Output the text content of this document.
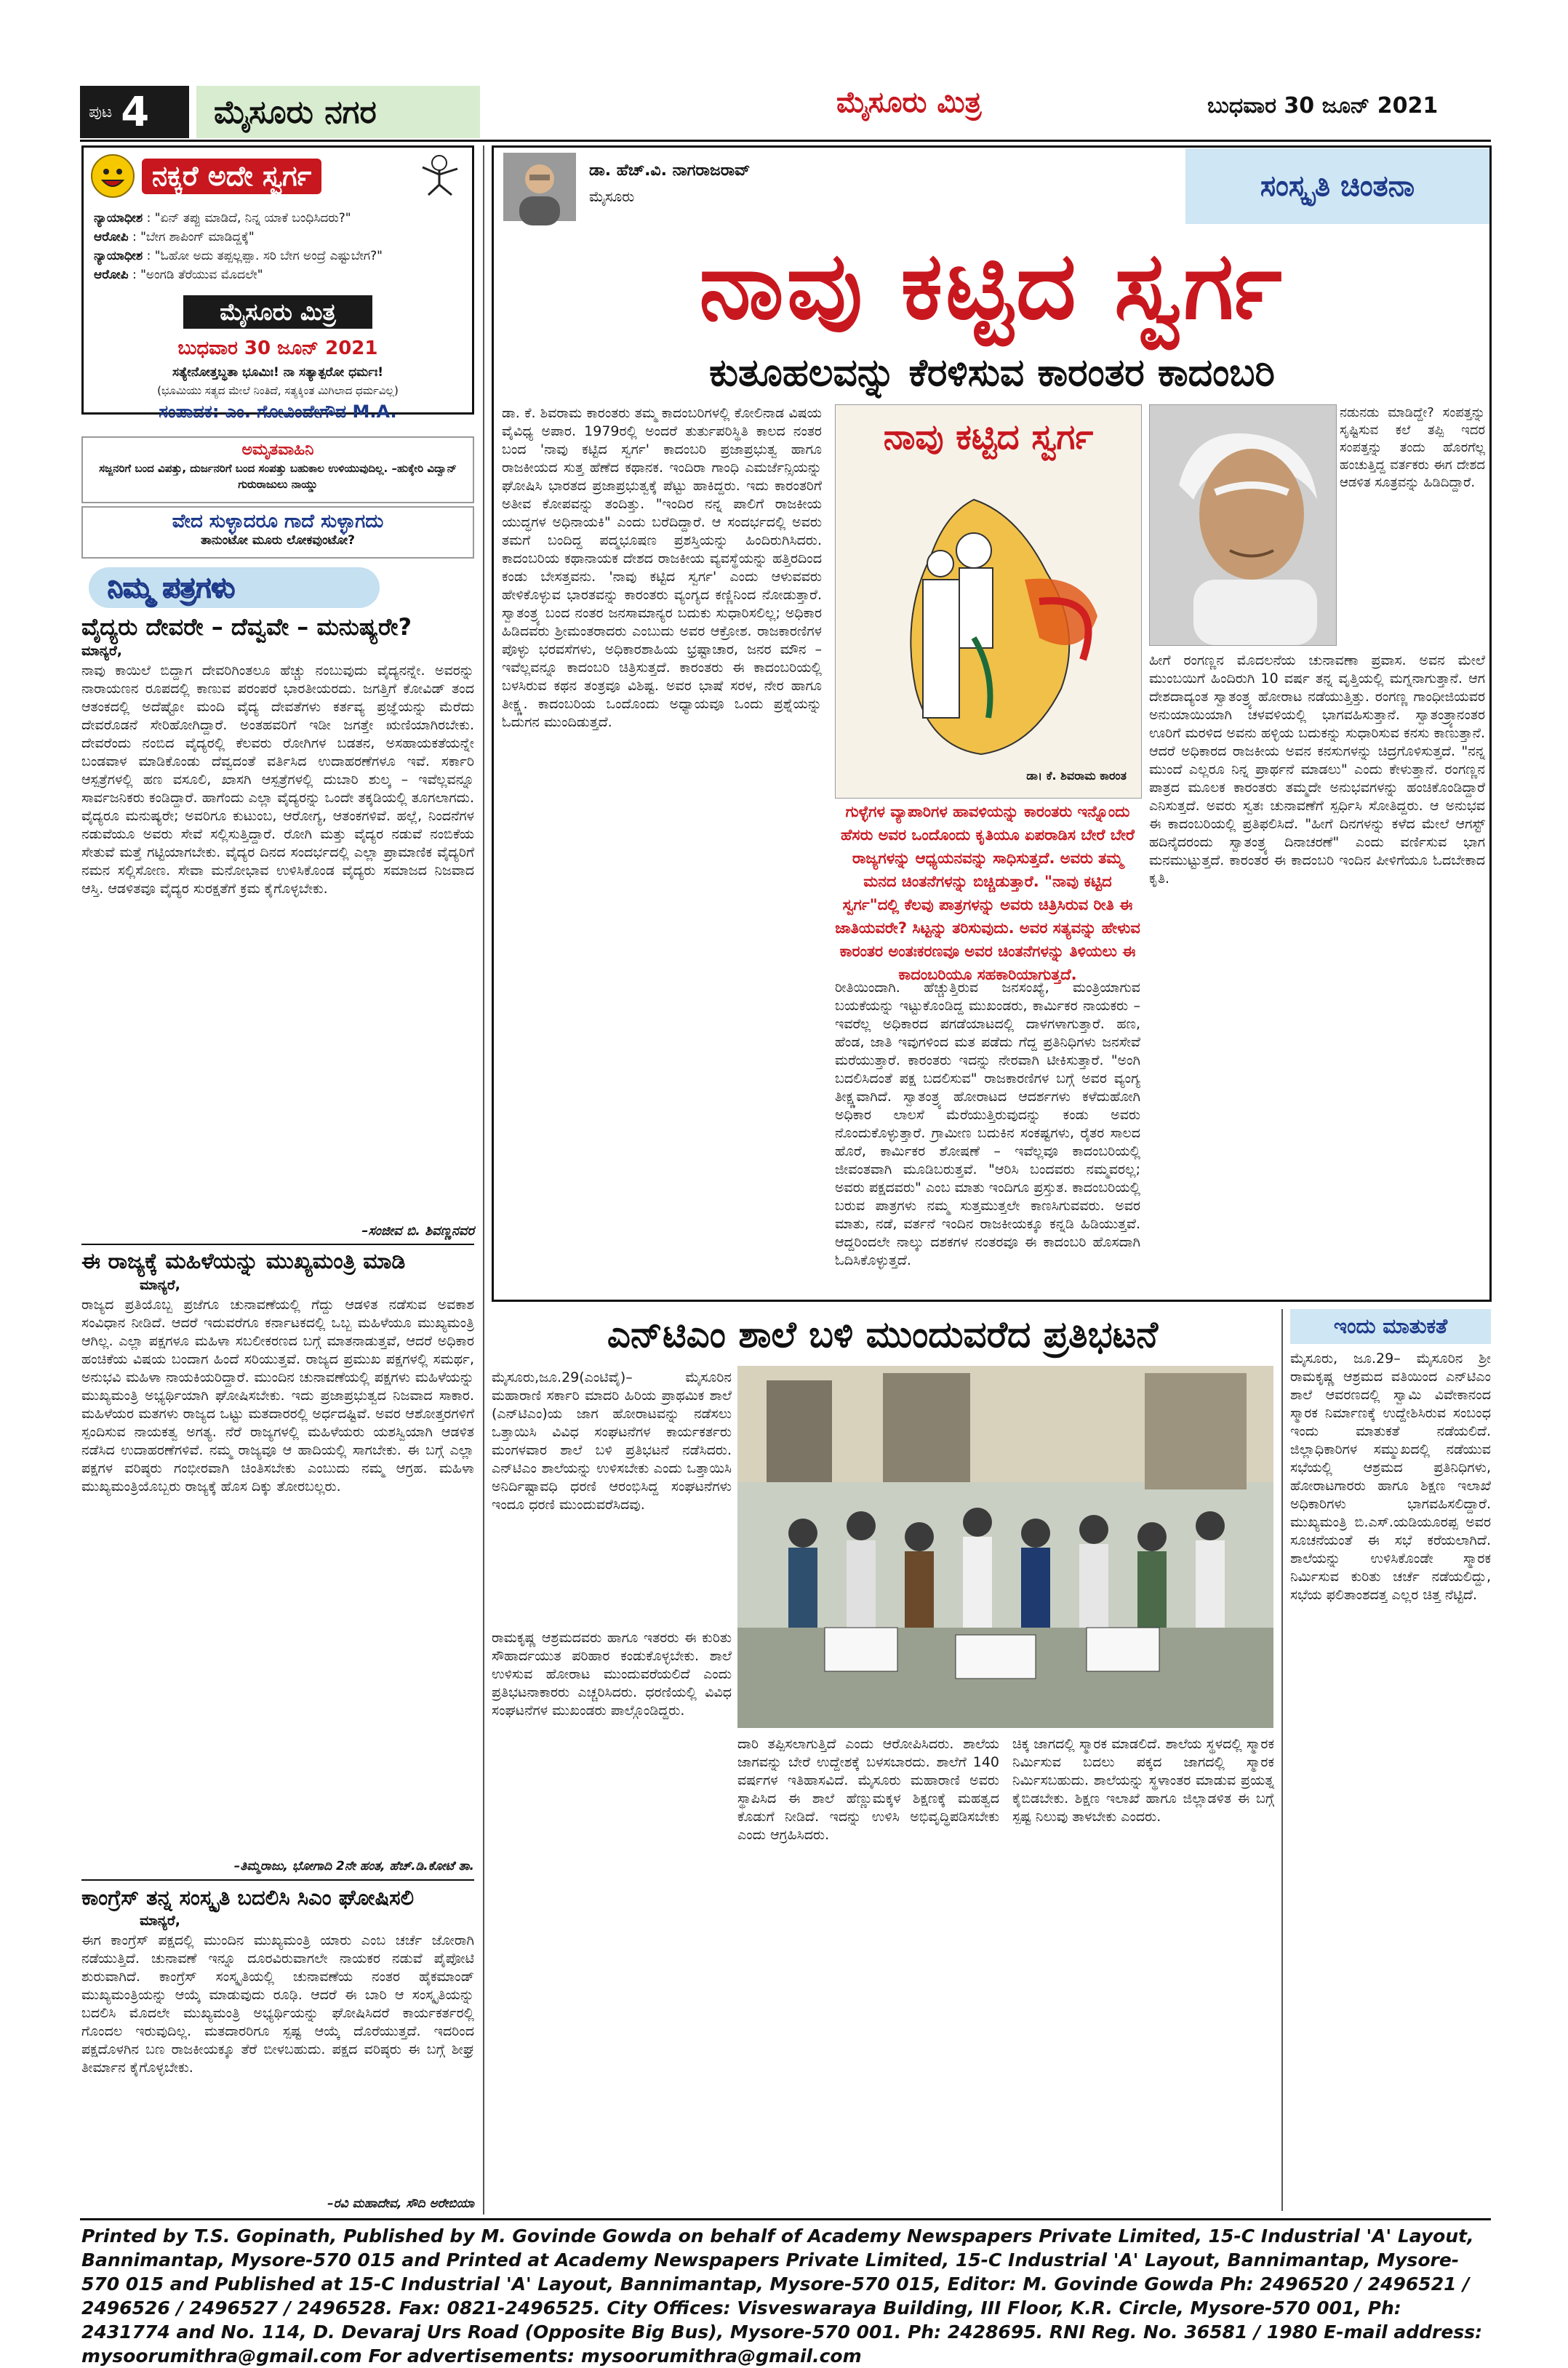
ಪುಟ 4	ಮೈಸೂರು ನಗರ	ಮೈಸೂರು ಮಿತ್ರ	ಬುಧವಾರ 30 ಜೂನ್ 2021
ನಕ್ಕರೆ ಅದೇ ಸ್ವರ್ಗ
ನ್ಯಾಯಾಧೀಶ : "ಏನ್ ತಪ್ಪು ಮಾಡಿದೆ, ನಿನ್ನ ಯಾಕೆ ಬಂಧಿಸಿದರು?"
ಆರೋಪಿ : "ಬೇಗ ಶಾಪಿಂಗ್ ಮಾಡಿದ್ದಕ್ಕೆ"
ನ್ಯಾಯಾಧೀಶ : "ಓಹೋ ಅದು ತಪ್ಪಲ್ಲಪ್ಪಾ. ಸರಿ ಬೇಗ ಅಂದ್ರೆ ಎಷ್ಟುಬೇಗ?"
ಆರೋಪಿ : "ಅಂಗಡಿ ತೆರೆಯುವ ಮೊದಲೇ"
ಮೈಸೂರು ಮಿತ್ರ
ಬುಧವಾರ 30 ಜೂನ್ 2021
ಸತ್ಯೇನೋತ್ತಬ್ಧತಾ ಭೂಮಿಃ! ನಾ ಸತ್ಯಾತ್ಪರೋ ಧರ್ಮಃ!
(ಭೂಮಿಯು ಸತ್ಯದ ಮೇಲೆ ನಿಂತಿದೆ, ಸತ್ಯಕ್ಕಿಂತ ಮಿಗಿಲಾದ ಧರ್ಮವಿಲ್ಲ)
ಸಂಪಾದಕ: ಎಂ. ಗೋವಿಂದೇಗೌಡ M.A.
ಅಮೃತವಾಹಿನಿ
ಸಜ್ಜನರಿಗೆ ಬಂದ ವಿಪತ್ತು, ದುರ್ಜನರಿಗೆ ಬಂದ ಸಂಪತ್ತು ಬಹುಕಾಲ ಉಳಿಯುವುದಿಲ್ಲ. –ಹುಕ್ಕೇರಿ ವಿದ್ವಾನ್ ಗುರುರಾಜುಲು ನಾಯ್ಡು
ವೇದ ಸುಳ್ಳಾದರೂ ಗಾದೆ ಸುಳ್ಳಾಗದು
ತಾನುಂಟೋ ಮೂರು ಲೋಕವುಂಟೋ?
ನಿಮ್ಮ ಪತ್ರಗಳು
ವೈದ್ಯರು ದೇವರೇ – ದೆವ್ವವೇ – ಮನುಷ್ಯರೇ?
ಮಾನ್ಯರೆ,
ನಾವು ಕಾಯಿಲೆ ಬಿದ್ದಾಗ ದೇವರಿಗಿಂತಲೂ ಹೆಚ್ಚು ನಂಬುವುದು ವೈದ್ಯನನ್ನೇ. ಅವರನ್ನು ನಾರಾಯಣನ ರೂಪದಲ್ಲಿ ಕಾಣುವ ಪರಂಪರೆ ಭಾರತೀಯರದು. ಜಗತ್ತಿಗೆ ಕೋವಿಡ್ ತಂದ ಆತಂಕದಲ್ಲಿ ಅದೆಷ್ಟೋ ಮಂದಿ ವೈದ್ಯ ದೇವತೆಗಳು ಕರ್ತವ್ಯ ಪ್ರಜ್ಞೆಯನ್ನು ಮೆರೆದು ದೇವರೊಡನೆ ಸೇರಿಹೋಗಿದ್ದಾರೆ. ಅಂತಹವರಿಗೆ ಇಡೀ ಜಗತ್ತೇ ಋಣಿಯಾಗಿರಬೇಕು. ದೇವರೆಂದು ನಂಬಿದ ವೈದ್ಯರಲ್ಲಿ ಕೆಲವರು ರೋಗಿಗಳ ಬಡತನ, ಅಸಹಾಯಕತೆಯನ್ನೇ ಬಂಡವಾಳ ಮಾಡಿಕೊಂಡು ದೆವ್ವದಂತೆ ವರ್ತಿಸಿದ ಉದಾಹರಣೆಗಳೂ ಇವೆ. ಸರ್ಕಾರಿ ಆಸ್ಪತ್ರೆಗಳಲ್ಲಿ ಹಣ ವಸೂಲಿ, ಖಾಸಗಿ ಆಸ್ಪತ್ರೆಗಳಲ್ಲಿ ದುಬಾರಿ ಶುಲ್ಕ – ಇವೆಲ್ಲವನ್ನೂ ಸಾರ್ವಜನಿಕರು ಕಂಡಿದ್ದಾರೆ. ಹಾಗೆಂದು ಎಲ್ಲಾ ವೈದ್ಯರನ್ನು ಒಂದೇ ತಕ್ಕಡಿಯಲ್ಲಿ ತೂಗಲಾಗದು. ವೈದ್ಯರೂ ಮನುಷ್ಯರೇ; ಅವರಿಗೂ ಕುಟುಂಬ, ಆರೋಗ್ಯ, ಆತಂಕಗಳಿವೆ. ಹಲ್ಲೆ, ನಿಂದನೆಗಳ ನಡುವೆಯೂ ಅವರು ಸೇವೆ ಸಲ್ಲಿಸುತ್ತಿದ್ದಾರೆ. ರೋಗಿ ಮತ್ತು ವೈದ್ಯರ ನಡುವೆ ನಂಬಿಕೆಯ ಸೇತುವೆ ಮತ್ತೆ ಗಟ್ಟಿಯಾಗಬೇಕು. ವೈದ್ಯರ ದಿನದ ಸಂದರ್ಭದಲ್ಲಿ ಎಲ್ಲಾ ಪ್ರಾಮಾಣಿಕ ವೈದ್ಯರಿಗೆ ನಮನ ಸಲ್ಲಿಸೋಣ. ಸೇವಾ ಮನೋಭಾವ ಉಳಿಸಿಕೊಂಡ ವೈದ್ಯರು ಸಮಾಜದ ನಿಜವಾದ ಆಸ್ತಿ. ಆಡಳಿತವೂ ವೈದ್ಯರ ಸುರಕ್ಷತೆಗೆ ಕ್ರಮ ಕೈಗೊಳ್ಳಬೇಕು.
–ಸಂಜೀವ ಬಿ. ಶಿವಣ್ಣನವರ
ಈ ರಾಜ್ಯಕ್ಕೆ ಮಹಿಳೆಯನ್ನು ಮುಖ್ಯಮಂತ್ರಿ ಮಾಡಿ
ಮಾನ್ಯರೆ,
ರಾಜ್ಯದ ಪ್ರತಿಯೊಬ್ಬ ಪ್ರಜೆಗೂ ಚುನಾವಣೆಯಲ್ಲಿ ಗೆದ್ದು ಆಡಳಿತ ನಡೆಸುವ ಅವಕಾಶ ಸಂವಿಧಾನ ನೀಡಿದೆ. ಆದರೆ ಇದುವರೆಗೂ ಕರ್ನಾಟಕದಲ್ಲಿ ಒಬ್ಬ ಮಹಿಳೆಯೂ ಮುಖ್ಯಮಂತ್ರಿ ಆಗಿಲ್ಲ. ಎಲ್ಲಾ ಪಕ್ಷಗಳೂ ಮಹಿಳಾ ಸಬಲೀಕರಣದ ಬಗ್ಗೆ ಮಾತನಾಡುತ್ತವೆ, ಆದರೆ ಅಧಿಕಾರ ಹಂಚಿಕೆಯ ವಿಷಯ ಬಂದಾಗ ಹಿಂದೆ ಸರಿಯುತ್ತವೆ. ರಾಜ್ಯದ ಪ್ರಮುಖ ಪಕ್ಷಗಳಲ್ಲಿ ಸಮರ್ಥ, ಅನುಭವಿ ಮಹಿಳಾ ನಾಯಕಿಯರಿದ್ದಾರೆ. ಮುಂದಿನ ಚುನಾವಣೆಯಲ್ಲಿ ಪಕ್ಷಗಳು ಮಹಿಳೆಯನ್ನು ಮುಖ್ಯಮಂತ್ರಿ ಅಭ್ಯರ್ಥಿಯಾಗಿ ಘೋಷಿಸಬೇಕು. ಇದು ಪ್ರಜಾಪ್ರಭುತ್ವದ ನಿಜವಾದ ಸಾಕಾರ. ಮಹಿಳೆಯರ ಮತಗಳು ರಾಜ್ಯದ ಒಟ್ಟು ಮತದಾರರಲ್ಲಿ ಅರ್ಧದಷ್ಟಿವೆ. ಅವರ ಆಶೋತ್ತರಗಳಿಗೆ ಸ್ಪಂದಿಸುವ ನಾಯಕತ್ವ ಅಗತ್ಯ. ನೆರೆ ರಾಜ್ಯಗಳಲ್ಲಿ ಮಹಿಳೆಯರು ಯಶಸ್ವಿಯಾಗಿ ಆಡಳಿತ ನಡೆಸಿದ ಉದಾಹರಣೆಗಳಿವೆ. ನಮ್ಮ ರಾಜ್ಯವೂ ಆ ಹಾದಿಯಲ್ಲಿ ಸಾಗಬೇಕು. ಈ ಬಗ್ಗೆ ಎಲ್ಲಾ ಪಕ್ಷಗಳ ವರಿಷ್ಠರು ಗಂಭೀರವಾಗಿ ಚಿಂತಿಸಬೇಕು ಎಂಬುದು ನಮ್ಮ ಆಗ್ರಹ. ಮಹಿಳಾ ಮುಖ್ಯಮಂತ್ರಿಯೊಬ್ಬರು ರಾಜ್ಯಕ್ಕೆ ಹೊಸ ದಿಕ್ಕು ತೋರಬಲ್ಲರು.
–ತಿಮ್ಮರಾಜು, ಭೋಗಾದಿ 2ನೇ ಹಂತ, ಹೆಚ್.ಡಿ.ಕೋಟೆ ತಾ.
ಕಾಂಗ್ರೆಸ್ ತನ್ನ ಸಂಸ್ಕೃತಿ ಬದಲಿಸಿ ಸಿಎಂ ಘೋಷಿಸಲಿ
ಮಾನ್ಯರೆ,
ಈಗ ಕಾಂಗ್ರೆಸ್ ಪಕ್ಷದಲ್ಲಿ ಮುಂದಿನ ಮುಖ್ಯಮಂತ್ರಿ ಯಾರು ಎಂಬ ಚರ್ಚೆ ಜೋರಾಗಿ ನಡೆಯುತ್ತಿದೆ. ಚುನಾವಣೆ ಇನ್ನೂ ದೂರವಿರುವಾಗಲೇ ನಾಯಕರ ನಡುವೆ ಪೈಪೋಟಿ ಶುರುವಾಗಿದೆ. ಕಾಂಗ್ರೆಸ್ ಸಂಸ್ಕೃತಿಯಲ್ಲಿ ಚುನಾವಣೆಯ ನಂತರ ಹೈಕಮಾಂಡ್ ಮುಖ್ಯಮಂತ್ರಿಯನ್ನು ಆಯ್ಕೆ ಮಾಡುವುದು ರೂಢಿ. ಆದರೆ ಈ ಬಾರಿ ಆ ಸಂಸ್ಕೃತಿಯನ್ನು ಬದಲಿಸಿ ಮೊದಲೇ ಮುಖ್ಯಮಂತ್ರಿ ಅಭ್ಯರ್ಥಿಯನ್ನು ಘೋಷಿಸಿದರೆ ಕಾರ್ಯಕರ್ತರಲ್ಲಿ ಗೊಂದಲ ಇರುವುದಿಲ್ಲ. ಮತದಾರರಿಗೂ ಸ್ಪಷ್ಟ ಆಯ್ಕೆ ದೊರೆಯುತ್ತದೆ. ಇದರಿಂದ ಪಕ್ಷದೊಳಗಿನ ಬಣ ರಾಜಕೀಯಕ್ಕೂ ತೆರೆ ಬೀಳಬಹುದು. ಪಕ್ಷದ ವರಿಷ್ಠರು ಈ ಬಗ್ಗೆ ಶೀಘ್ರ ತೀರ್ಮಾನ ಕೈಗೊಳ್ಳಬೇಕು.
–ರವಿ ಮಹಾದೇವ, ಸೌದಿ ಅರೇಬಿಯಾ
ಡಾ. ಹೆಚ್.ವಿ. ನಾಗರಾಜರಾವ್
ಮೈಸೂರು	ಸಂಸ್ಕೃತಿ ಚಿಂತನಾ
ನಾವು ಕಟ್ಟಿದ ಸ್ವರ್ಗ
ಕುತೂಹಲವನ್ನು ಕೆರಳಿಸುವ ಕಾರಂತರ ಕಾದಂಬರಿ
ಡಾ. ಕೆ. ಶಿವರಾಮ ಕಾರಂತರು ತಮ್ಮ ಕಾದಂಬರಿಗಳಲ್ಲಿ ಕೋಲಿನಾಡ ವಿಷಯ ವೈವಿಧ್ಯ ಅಪಾರ. 1979ರಲ್ಲಿ ಅಂದರೆ ತುರ್ತುಪರಿಸ್ಥಿತಿ ಕಾಲದ ನಂತರ ಬಂದ 'ನಾವು ಕಟ್ಟಿದ ಸ್ವರ್ಗ' ಕಾದಂಬರಿ ಪ್ರಜಾಪ್ರಭುತ್ವ ಹಾಗೂ ರಾಜಕೀಯದ ಸುತ್ತ ಹೆಣೆದ ಕಥಾನಕ. ಇಂದಿರಾ ಗಾಂಧಿ ಎಮರ್ಜೆನ್ಸಿಯನ್ನು ಘೋಷಿಸಿ ಭಾರತದ ಪ್ರಜಾಪ್ರಭುತ್ವಕ್ಕೆ ಪೆಟ್ಟು ಹಾಕಿದ್ದರು. ಇದು ಕಾರಂತರಿಗೆ ಅತೀವ ಕೋಪವನ್ನು ತಂದಿತ್ತು. "ಇಂದಿರ ನನ್ನ ಪಾಲಿಗೆ ರಾಜಕೀಯ ಯುದ್ಧಗಳ ಅಧಿನಾಯಕಿ" ಎಂದು ಬರೆದಿದ್ದಾರೆ. ಆ ಸಂದರ್ಭದಲ್ಲಿ ಅವರು ತಮಗೆ ಬಂದಿದ್ದ ಪದ್ಮಭೂಷಣ ಪ್ರಶಸ್ತಿಯನ್ನು ಹಿಂದಿರುಗಿಸಿದರು. ಕಾದಂಬರಿಯ ಕಥಾನಾಯಕ ದೇಶದ ರಾಜಕೀಯ ವ್ಯವಸ್ಥೆಯನ್ನು ಹತ್ತಿರದಿಂದ ಕಂಡು ಬೇಸತ್ತವನು. 'ನಾವು ಕಟ್ಟಿದ ಸ್ವರ್ಗ' ಎಂದು ಆಳುವವರು ಹೇಳಿಕೊಳ್ಳುವ ಭಾರತವನ್ನು ಕಾರಂತರು ವ್ಯಂಗ್ಯದ ಕಣ್ಣಿನಿಂದ ನೋಡುತ್ತಾರೆ. ಸ್ವಾತಂತ್ರ್ಯ ಬಂದ ನಂತರ ಜನಸಾಮಾನ್ಯರ ಬದುಕು ಸುಧಾರಿಸಲಿಲ್ಲ; ಅಧಿಕಾರ ಹಿಡಿದವರು ಶ್ರೀಮಂತರಾದರು ಎಂಬುದು ಅವರ ಆಕ್ರೋಶ. ರಾಜಕಾರಣಿಗಳ ಪೊಳ್ಳು ಭರವಸೆಗಳು, ಅಧಿಕಾರಶಾಹಿಯ ಭ್ರಷ್ಟಾಚಾರ, ಜನರ ಮೌನ – ಇವೆಲ್ಲವನ್ನೂ ಕಾದಂಬರಿ ಚಿತ್ರಿಸುತ್ತದೆ. ಕಾರಂತರು ಈ ಕಾದಂಬರಿಯಲ್ಲಿ ಬಳಸಿರುವ ಕಥನ ತಂತ್ರವೂ ವಿಶಿಷ್ಟ. ಅವರ ಭಾಷೆ ಸರಳ, ನೇರ ಹಾಗೂ ತೀಕ್ಷ್ಣ. ಕಾದಂಬರಿಯ ಒಂದೊಂದು ಅಧ್ಯಾಯವೂ ಒಂದು ಪ್ರಶ್ನೆಯನ್ನು ಓದುಗನ ಮುಂದಿಡುತ್ತದೆ.
ನಾವು ಕಟ್ಟಿದ ಸ್ವರ್ಗ
ಡಾ। ಕೆ. ಶಿವರಾಮ ಕಾರಂತ
ಗುಳ್ಳೆಗಳ ವ್ಯಾಪಾರಿಗಳ ಹಾವಳಿಯನ್ನು ಕಾರಂತರು ಇನ್ನೊಂದು ಹೆಸರು ಅವರ ಒಂದೊಂದು ಕೃತಿಯೂ ಏಪರಾಡಿಸ ಬೇರೆ ಬೇರೆ ರಾಜ್ಯಗಳನ್ನು ಆಧ್ಯಯನವನ್ನು ಸಾಧಿಸುತ್ತದೆ. ಅವರು ತಮ್ಮ ಮನದ ಚಿಂತನೆಗಳನ್ನು ಬಿಚ್ಚಿಡುತ್ತಾರೆ. "ನಾವು ಕಟ್ಟಿದ ಸ್ವರ್ಗ"ದಲ್ಲಿ ಕೆಲವು ಪಾತ್ರಗಳನ್ನು ಅವರು ಚಿತ್ರಿಸಿರುವ ರೀತಿ ಈ ಜಾತಿಯವರೇ? ಸಿಟ್ಟನ್ನು ತರಿಸುವುದು. ಅವರ ಸತ್ಯವನ್ನು ಹೇಳುವ ಕಾರಂತರ ಅಂತಃಕರಣವೂ ಅವರ ಚಿಂತನೆಗಳನ್ನು ತಿಳಿಯಲು ಈ ಕಾದಂಬರಿಯೂ ಸಹಕಾರಿಯಾಗುತ್ತದೆ.
ನಡುನಡು ಮಾಡಿದ್ದೇ? ಸಂಪತ್ತನ್ನು ಸೃಷ್ಟಿಸುವ ಕಲೆ ತಪ್ಪಿ ಇದರ ಸಂಪತ್ತನ್ನು ತಂದು ಹೊರಗೆಲ್ಲ ಹಂಚುತ್ತಿದ್ದ ವರ್ತಕರು ಈಗ ದೇಶದ ಆಡಳಿತ ಸೂತ್ರವನ್ನು ಹಿಡಿದಿದ್ದಾರೆ.
ರೀತಿಯಿಂದಾಗಿ. ಹೆಚ್ಚುತ್ತಿರುವ ಜನಸಂಖ್ಯೆ, ಮಂತ್ರಿಯಾಗುವ ಬಯಕೆಯನ್ನು ಇಟ್ಟುಕೊಂಡಿದ್ದ ಮುಖಂಡರು, ಕಾರ್ಮಿಕರ ನಾಯಕರು – ಇವರೆಲ್ಲ ಅಧಿಕಾರದ ಪಗಡೆಯಾಟದಲ್ಲಿ ದಾಳಗಳಾಗುತ್ತಾರೆ. ಹಣ, ಹೆಂಡ, ಜಾತಿ ಇವುಗಳಿಂದ ಮತ ಪಡೆದು ಗೆದ್ದ ಪ್ರತಿನಿಧಿಗಳು ಜನಸೇವೆ ಮರೆಯುತ್ತಾರೆ. ಕಾರಂತರು ಇದನ್ನು ನೇರವಾಗಿ ಟೀಕಿಸುತ್ತಾರೆ. "ಅಂಗಿ ಬದಲಿಸಿದಂತೆ ಪಕ್ಷ ಬದಲಿಸುವ" ರಾಜಕಾರಣಿಗಳ ಬಗ್ಗೆ ಅವರ ವ್ಯಂಗ್ಯ ತೀಕ್ಷ್ಣವಾಗಿದೆ. ಸ್ವಾತಂತ್ರ್ಯ ಹೋರಾಟದ ಆದರ್ಶಗಳು ಕಳೆದುಹೋಗಿ ಅಧಿಕಾರ ಲಾಲಸೆ ಮೆರೆಯುತ್ತಿರುವುದನ್ನು ಕಂಡು ಅವರು ನೊಂದುಕೊಳ್ಳುತ್ತಾರೆ. ಗ್ರಾಮೀಣ ಬದುಕಿನ ಸಂಕಷ್ಟಗಳು, ರೈತರ ಸಾಲದ ಹೊರೆ, ಕಾರ್ಮಿಕರ ಶೋಷಣೆ – ಇವೆಲ್ಲವೂ ಕಾದಂಬರಿಯಲ್ಲಿ ಜೀವಂತವಾಗಿ ಮೂಡಿಬರುತ್ತವೆ. "ಆರಿಸಿ ಬಂದವರು ನಮ್ಮವರಲ್ಲ; ಅವರು ಪಕ್ಷದವರು" ಎಂಬ ಮಾತು ಇಂದಿಗೂ ಪ್ರಸ್ತುತ. ಕಾದಂಬರಿಯಲ್ಲಿ ಬರುವ ಪಾತ್ರಗಳು ನಮ್ಮ ಸುತ್ತಮುತ್ತಲೇ ಕಾಣಸಿಗುವವರು. ಅವರ ಮಾತು, ನಡೆ, ವರ್ತನೆ ಇಂದಿನ ರಾಜಕೀಯಕ್ಕೂ ಕನ್ನಡಿ ಹಿಡಿಯುತ್ತವೆ. ಆದ್ದರಿಂದಲೇ ನಾಲ್ಕು ದಶಕಗಳ ನಂತರವೂ ಈ ಕಾದಂಬರಿ ಹೊಸದಾಗಿ ಓದಿಸಿಕೊಳ್ಳುತ್ತದೆ.
ಹೀಗೆ ರಂಗಣ್ಣನ ಮೊದಲನೆಯ ಚುನಾವಣಾ ಪ್ರವಾಸ. ಅವನ ಮೇಲೆ ಮುಂಬಯಿಗೆ ಹಿಂದಿರುಗಿ 10 ವರ್ಷ ತನ್ನ ವೃತ್ತಿಯಲ್ಲಿ ಮಗ್ನನಾಗುತ್ತಾನೆ. ಆಗ ದೇಶದಾದ್ಯಂತ ಸ್ವಾತಂತ್ರ್ಯ ಹೋರಾಟ ನಡೆಯುತ್ತಿತ್ತು. ರಂಗಣ್ಣ ಗಾಂಧೀಜಿಯವರ ಅನುಯಾಯಿಯಾಗಿ ಚಳವಳಿಯಲ್ಲಿ ಭಾಗವಹಿಸುತ್ತಾನೆ. ಸ್ವಾತಂತ್ರ್ಯಾನಂತರ ಊರಿಗೆ ಮರಳಿದ ಅವನು ಹಳ್ಳಿಯ ಬದುಕನ್ನು ಸುಧಾರಿಸುವ ಕನಸು ಕಾಣುತ್ತಾನೆ. ಆದರೆ ಅಧಿಕಾರದ ರಾಜಕೀಯ ಅವನ ಕನಸುಗಳನ್ನು ಚಿದ್ರಗೊಳಿಸುತ್ತದೆ. "ನನ್ನ ಮುಂದೆ ಎಲ್ಲರೂ ನಿನ್ನ ಪ್ರಾರ್ಥನೆ ಮಾಡಲು" ಎಂದು ಕೇಳುತ್ತಾನೆ. ರಂಗಣ್ಣನ ಪಾತ್ರದ ಮೂಲಕ ಕಾರಂತರು ತಮ್ಮದೇ ಅನುಭವಗಳನ್ನು ಹಂಚಿಕೊಂಡಿದ್ದಾರೆ ಎನಿಸುತ್ತದೆ. ಅವರು ಸ್ವತಃ ಚುನಾವಣೆಗೆ ಸ್ಪರ್ಧಿಸಿ ಸೋತಿದ್ದರು. ಆ ಅನುಭವ ಈ ಕಾದಂಬರಿಯಲ್ಲಿ ಪ್ರತಿಫಲಿಸಿದೆ. "ಹೀಗೆ ದಿನಗಳನ್ನು ಕಳೆದ ಮೇಲೆ ಆಗಸ್ಟ್ ಹದಿನೈದರಂದು ಸ್ವಾತಂತ್ರ್ಯ ದಿನಾಚರಣೆ" ಎಂದು ವರ್ಣಿಸುವ ಭಾಗ ಮನಮುಟ್ಟುತ್ತದೆ. ಕಾರಂತರ ಈ ಕಾದಂಬರಿ ಇಂದಿನ ಪೀಳಿಗೆಯೂ ಓದಬೇಕಾದ ಕೃತಿ.
ಎನ್‌ಟಿಎಂ ಶಾಲೆ ಬಳಿ ಮುಂದುವರೆದ ಪ್ರತಿಭಟನೆ
ಮೈಸೂರು,ಜೂ.29(ಎಂಟಿವೈ)– ಮೈಸೂರಿನ ಮಹಾರಾಣಿ ಸರ್ಕಾರಿ ಮಾದರಿ ಹಿರಿಯ ಪ್ರಾಥಮಿಕ ಶಾಲೆ (ಎನ್‌ಟಿಎಂ)ಯ ಜಾಗ ಹೋರಾಟವನ್ನು ನಡೆಸಲು ಒತ್ತಾಯಿಸಿ ವಿವಿಧ ಸಂಘಟನೆಗಳ ಕಾರ್ಯಕರ್ತರು ಮಂಗಳವಾರ ಶಾಲೆ ಬಳಿ ಪ್ರತಿಭಟನೆ ನಡೆಸಿದರು. ಎನ್‌ಟಿಎಂ ಶಾಲೆಯನ್ನು ಉಳಿಸಬೇಕು ಎಂದು ಒತ್ತಾಯಿಸಿ ಅನಿರ್ದಿಷ್ಟಾವಧಿ ಧರಣಿ ಆರಂಭಿಸಿದ್ದ ಸಂಘಟನೆಗಳು ಇಂದೂ ಧರಣಿ ಮುಂದುವರೆಸಿದವು.
ದಾರಿ ತಪ್ಪಿಸಲಾಗುತ್ತಿದೆ ಎಂದು ಆರೋಪಿಸಿದರು. ಶಾಲೆಯ ಜಾಗವನ್ನು ಬೇರೆ ಉದ್ದೇಶಕ್ಕೆ ಬಳಸಬಾರದು. ಶಾಲೆಗೆ 140 ವರ್ಷಗಳ ಇತಿಹಾಸವಿದೆ. ಮೈಸೂರು ಮಹಾರಾಣಿ ಅವರು ಸ್ಥಾಪಿಸಿದ ಈ ಶಾಲೆ ಹೆಣ್ಣುಮಕ್ಕಳ ಶಿಕ್ಷಣಕ್ಕೆ ಮಹತ್ವದ ಕೊಡುಗೆ ನೀಡಿದೆ. ಇದನ್ನು ಉಳಿಸಿ ಅಭಿವೃದ್ಧಿಪಡಿಸಬೇಕು ಎಂದು ಆಗ್ರಹಿಸಿದರು.
ಚಿಕ್ಕ ಜಾಗದಲ್ಲಿ ಸ್ಮಾರಕ ಮಾಡಲಿದೆ. ಶಾಲೆಯ ಸ್ಥಳದಲ್ಲಿ ಸ್ಮಾರಕ ನಿರ್ಮಿಸುವ ಬದಲು ಪಕ್ಕದ ಜಾಗದಲ್ಲಿ ಸ್ಮಾರಕ ನಿರ್ಮಿಸಬಹುದು. ಶಾಲೆಯನ್ನು ಸ್ಥಳಾಂತರ ಮಾಡುವ ಪ್ರಯತ್ನ ಕೈಬಿಡಬೇಕು. ಶಿಕ್ಷಣ ಇಲಾಖೆ ಹಾಗೂ ಜಿಲ್ಲಾಡಳಿತ ಈ ಬಗ್ಗೆ ಸ್ಪಷ್ಟ ನಿಲುವು ತಾಳಬೇಕು ಎಂದರು.
ರಾಮಕೃಷ್ಣ ಆಶ್ರಮದವರು ಹಾಗೂ ಇತರರು ಈ ಕುರಿತು ಸೌಹಾರ್ದಯುತ ಪರಿಹಾರ ಕಂಡುಕೊಳ್ಳಬೇಕು. ಶಾಲೆ ಉಳಿಸುವ ಹೋರಾಟ ಮುಂದುವರೆಯಲಿದೆ ಎಂದು ಪ್ರತಿಭಟನಾಕಾರರು ಎಚ್ಚರಿಸಿದರು. ಧರಣಿಯಲ್ಲಿ ವಿವಿಧ ಸಂಘಟನೆಗಳ ಮುಖಂಡರು ಪಾಲ್ಗೊಂಡಿದ್ದರು.
ಇಂದು ಮಾತುಕತೆ
ಮೈಸೂರು, ಜೂ.29– ಮೈಸೂರಿನ ಶ್ರೀ ರಾಮಕೃಷ್ಣ ಆಶ್ರಮದ ವತಿಯಿಂದ ಎನ್‌ಟಿಎಂ ಶಾಲೆ ಆವರಣದಲ್ಲಿ ಸ್ವಾಮಿ ವಿವೇಕಾನಂದ ಸ್ಮಾರಕ ನಿರ್ಮಾಣಕ್ಕೆ ಉದ್ದೇಶಿಸಿರುವ ಸಂಬಂಧ ಇಂದು ಮಾತುಕತೆ ನಡೆಯಲಿದೆ. ಜಿಲ್ಲಾಧಿಕಾರಿಗಳ ಸಮ್ಮುಖದಲ್ಲಿ ನಡೆಯುವ ಸಭೆಯಲ್ಲಿ ಆಶ್ರಮದ ಪ್ರತಿನಿಧಿಗಳು, ಹೋರಾಟಗಾರರು ಹಾಗೂ ಶಿಕ್ಷಣ ಇಲಾಖೆ ಅಧಿಕಾರಿಗಳು ಭಾಗವಹಿಸಲಿದ್ದಾರೆ. ಮುಖ್ಯಮಂತ್ರಿ ಬಿ.ಎಸ್.ಯಡಿಯೂರಪ್ಪ ಅವರ ಸೂಚನೆಯಂತೆ ಈ ಸಭೆ ಕರೆಯಲಾಗಿದೆ. ಶಾಲೆಯನ್ನು ಉಳಿಸಿಕೊಂಡೇ ಸ್ಮಾರಕ ನಿರ್ಮಿಸುವ ಕುರಿತು ಚರ್ಚೆ ನಡೆಯಲಿದ್ದು, ಸಭೆಯ ಫಲಿತಾಂಶದತ್ತ ಎಲ್ಲರ ಚಿತ್ತ ನೆಟ್ಟಿದೆ.
Printed by T.S. Gopinath, Published by M. Govinde Gowda on behalf of Academy Newspapers Private Limited, 15-C Industrial 'A' Layout, Bannimantap, Mysore-570 015 and Printed at Academy Newspapers Private Limited, 15-C Industrial 'A' Layout, Bannimantap, Mysore-570 015 and Published at 15-C Industrial 'A' Layout, Bannimantap, Mysore-570 015, Editor: M. Govinde Gowda Ph: 2496520 / 2496521 / 2496526 / 2496527 / 2496528. Fax: 0821-2496525. City Offices: Visveswaraya Building, III Floor, K.R. Circle, Mysore-570 001, Ph: 2431774 and No. 114, D. Devaraj Urs Road (Opposite Big Bus), Mysore-570 001. Ph: 2428695. RNI Reg. No. 36581 / 1980 E-mail address: mysoorumithra@gmail.com For advertisements: mysoorumithra@gmail.com
